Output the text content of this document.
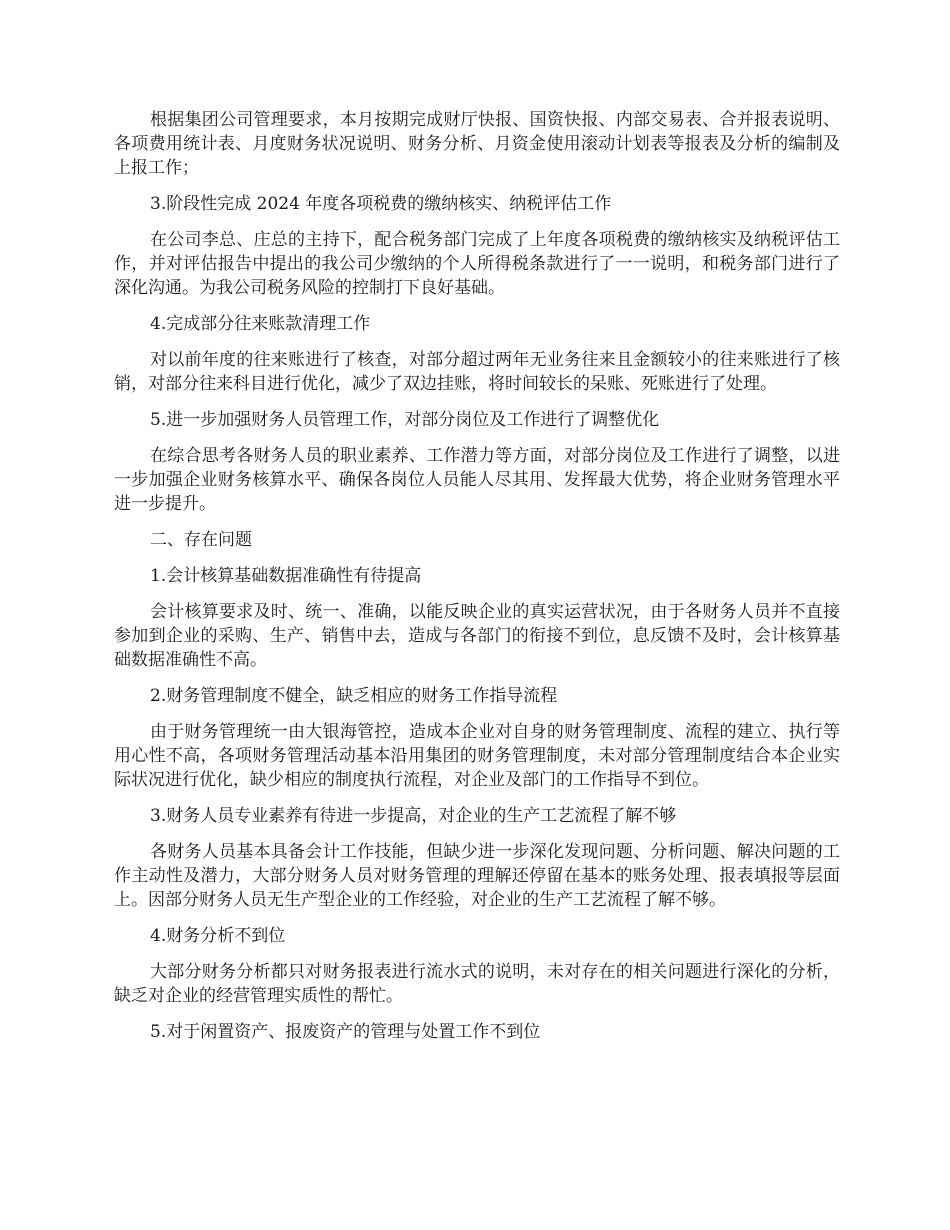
根据集团公司管理要求，本月按期完成财厅快报、国资快报、内部交易表、合并报表说明、各项费用统计表、月度财务状况说明、财务分析、月资金使用滚动计划表等报表及分析的编制及上报工作；

3.阶段性完成 2024 年度各项税费的缴纳核实、纳税评估工作

在公司李总、庄总的主持下，配合税务部门完成了上年度各项税费的缴纳核实及纳税评估工作，并对评估报告中提出的我公司少缴纳的个人所得税条款进行了一一说明，和税务部门进行了深化沟通。为我公司税务风险的控制打下良好基础。

4.完成部分往来账款清理工作

对以前年度的往来账进行了核查，对部分超过两年无业务往来且金额较小的往来账进行了核销，对部分往来科目进行优化，减少了双边挂账，将时间较长的呆账、死账进行了处理。

5.进一步加强财务人员管理工作，对部分岗位及工作进行了调整优化

在综合思考各财务人员的职业素养、工作潜力等方面，对部分岗位及工作进行了调整，以进一步加强企业财务核算水平、确保各岗位人员能人尽其用、发挥最大优势，将企业财务管理水平进一步提升。

二、存在问题

1.会计核算基础数据准确性有待提高

会计核算要求及时、统一、准确，以能反映企业的真实运营状况，由于各财务人员并不直接参加到企业的采购、生产、销售中去，造成与各部门的衔接不到位，息反馈不及时，会计核算基础数据准确性不高。

2.财务管理制度不健全，缺乏相应的财务工作指导流程

由于财务管理统一由大银海管控，造成本企业对自身的财务管理制度、流程的建立、执行等用心性不高，各项财务管理活动基本沿用集团的财务管理制度，未对部分管理制度结合本企业实际状况进行优化，缺少相应的制度执行流程，对企业及部门的工作指导不到位。

3.财务人员专业素养有待进一步提高，对企业的生产工艺流程了解不够

各财务人员基本具备会计工作技能，但缺少进一步深化发现问题、分析问题、解决问题的工作主动性及潜力，大部分财务人员对财务管理的理解还停留在基本的账务处理、报表填报等层面上。因部分财务人员无生产型企业的工作经验，对企业的生产工艺流程了解不够。

4.财务分析不到位

大部分财务分析都只对财务报表进行流水式的说明，未对存在的相关问题进行深化的分析，缺乏对企业的经营管理实质性的帮忙。

5.对于闲置资产、报废资产的管理与处置工作不到位
